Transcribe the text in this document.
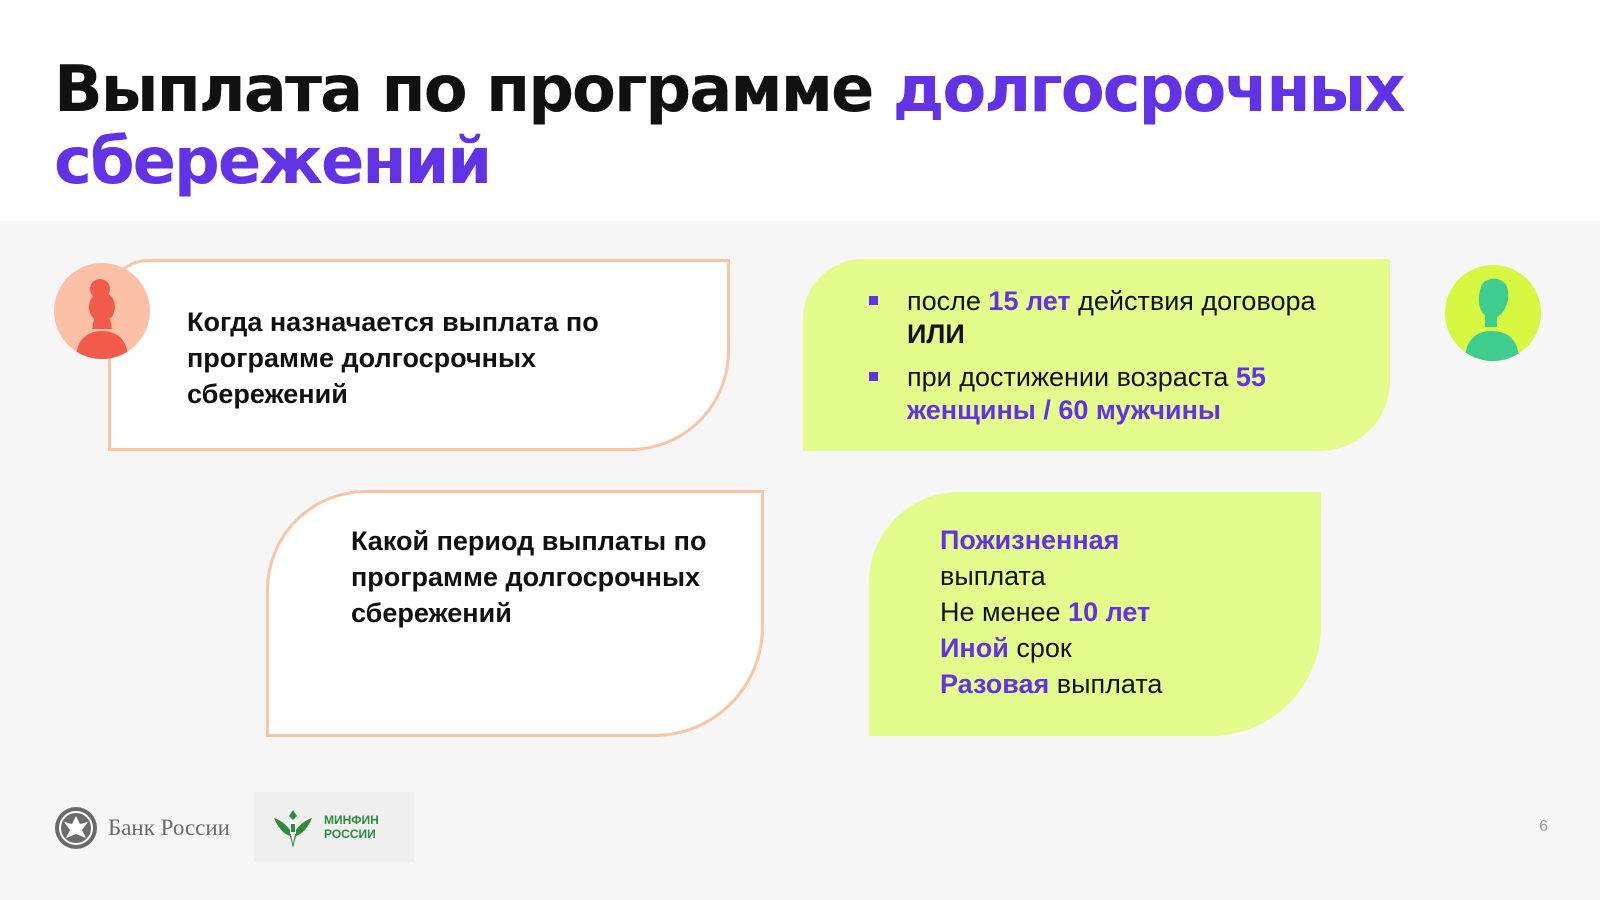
Выплата по программе долгосрочных сбережений
Когда назначается выплата по программе долгосрочных сбережений
после 15 лет действия договора ИЛИ
при достижении возраста 55 женщины / 60 мужчины
Какой период выплаты по программе долгосрочных сбережений
Пожизненная
выплата
Не менее 10 лет
Иной срок
Разовая выплата
Банк России	МИНФИН
РОССИИ	6
